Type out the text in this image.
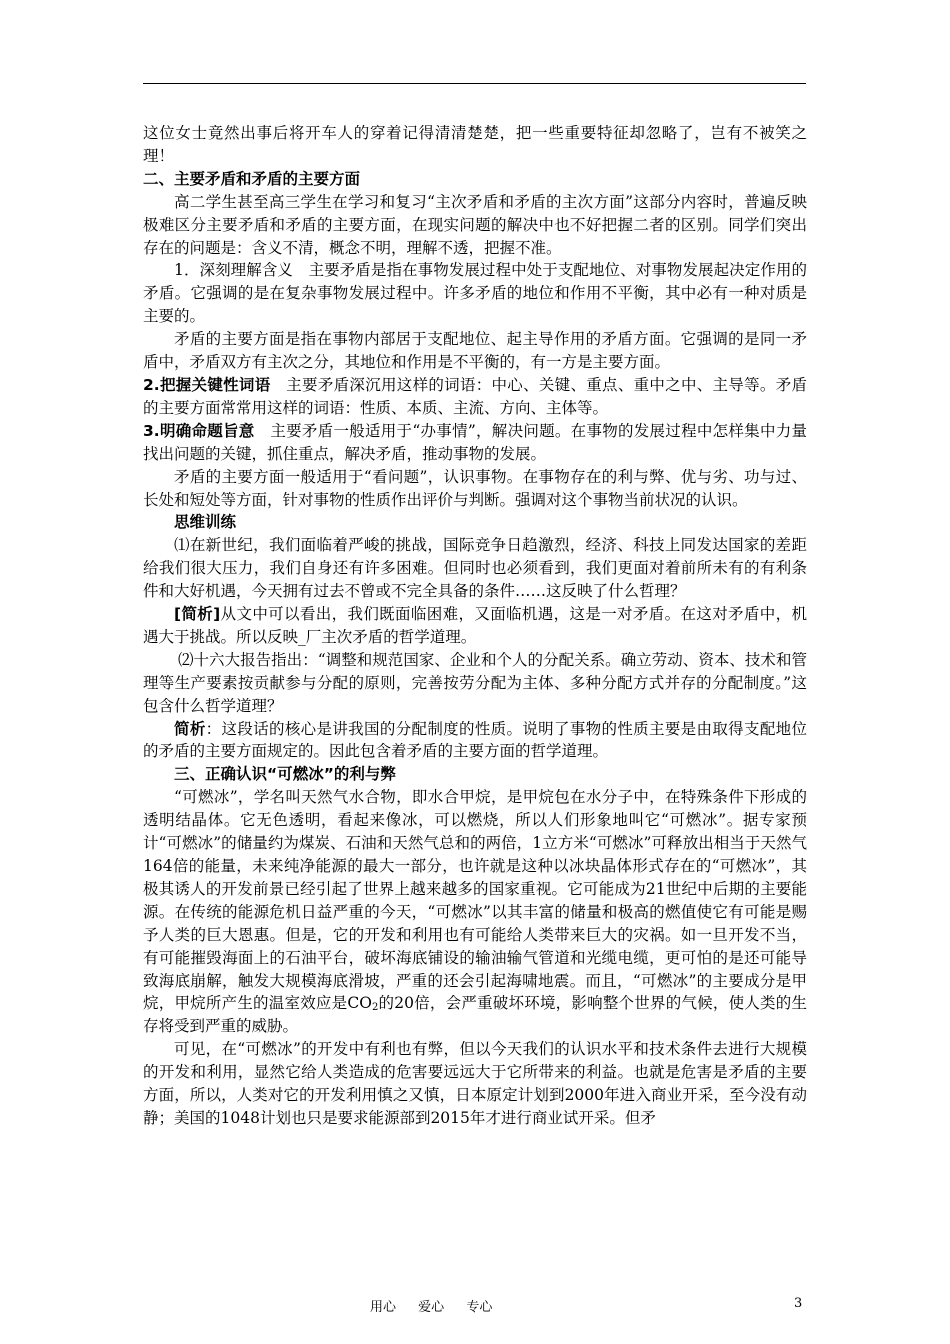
这位女士竟然出事后将开车人的穿着记得清清楚楚，把一些重要特征却忽略了，岂有不被笑之理！

二、主要矛盾和矛盾的主要方面

高二学生甚至高三学生在学习和复习“主次矛盾和矛盾的主次方面”这部分内容时，普遍反映极难区分主要矛盾和矛盾的主要方面，在现实问题的解决中也不好把握二者的区别。同学们突出存在的问题是：含义不清，概念不明，理解不透，把握不准。

1．深刻理解含义　主要矛盾是指在事物发展过程中处于支配地位、对事物发展起决定作用的矛盾。它强调的是在复杂事物发展过程中。许多矛盾的地位和作用不平衡，其中必有一种对质是主要的。

矛盾的主要方面是指在事物内部居于支配地位、起主导作用的矛盾方面。它强调的是同一矛盾中，矛盾双方有主次之分，其地位和作用是不平衡的，有一方是主要方面。

2.把握关键性词语　主要矛盾深沉用这样的词语：中心、关键、重点、重中之中、主导等。矛盾的主要方面常常用这样的词语：性质、本质、主流、方向、主体等。

3.明确命题旨意　主要矛盾一般适用于“办事情”，解决问题。在事物的发展过程中怎样集中力量找出问题的关键，抓住重点，解决矛盾，推动事物的发展。

矛盾的主要方面一般适用于“看问题”，认识事物。在事物存在的利与弊、优与劣、功与过、长处和短处等方面，针对事物的性质作出评价与判断。强调对这个事物当前状况的认识。

思维训练

⑴在新世纪，我们面临着严峻的挑战，国际竞争日趋激烈，经济、科技上同发达国家的差距给我们很大压力，我们自身还有许多困难。但同时也必须看到，我们更面对着前所未有的有利条件和大好机遇，今天拥有过去不曾或不完全具备的条件……这反映了什么哲理？

[简析]从文中可以看出，我们既面临困难，又面临机遇，这是一对矛盾。在这对矛盾中，机遇大于挑战。所以反映_厂主次矛盾的哲学道理。

⑵十六大报告指出：“调整和规范国家、企业和个人的分配关系。确立劳动、资本、技术和管理等生产要素按贡献参与分配的原则，完善按劳分配为主体、多种分配方式并存的分配制度。”这包含什么哲学道理？

简析：这段话的核心是讲我国的分配制度的性质。说明了事物的性质主要是由取得支配地位的矛盾的主要方面规定的。因此包含着矛盾的主要方面的哲学道理。

三、正确认识“可燃冰”的利与弊

“可燃冰”，学名叫天然气水合物，即水合甲烷，是甲烷包在水分子中，在特殊条件下形成的透明结晶体。它无色透明，看起来像冰，可以燃烧，所以人们形象地叫它“可燃冰”。据专家预计“可燃冰”的储量约为煤炭、石油和天然气总和的两倍，1立方米“可燃冰”可释放出相当于天然气164倍的能量，未来纯净能源的最大一部分，也许就是这种以冰块晶体形式存在的“可燃冰”，其极其诱人的开发前景已经引起了世界上越来越多的国家重视。它可能成为21世纪中后期的主要能源。在传统的能源危机日益严重的今天，“可燃冰”以其丰富的储量和极高的燃值使它有可能是赐予人类的巨大恩惠。但是，它的开发和利用也有可能给人类带来巨大的灾祸。如一旦开发不当，有可能摧毁海面上的石油平台，破坏海底铺设的输油输气管道和光缆电缆，更可怕的是还可能导致海底崩解，触发大规模海底滑坡，严重的还会引起海啸地震。而且，“可燃冰”的主要成分是甲烷，甲烷所产生的温室效应是$CO_2$的20倍，会严重破坏环境，影响整个世界的气候，使人类的生存将受到严重的威胁。

可见，在“可燃冰”的开发中有利也有弊，但以今天我们的认识水平和技术条件去进行大规模的开发和利用，显然它给人类造成的危害要远远大于它所带来的利益。也就是危害是矛盾的主要方面，所以，人类对它的开发利用慎之又慎，日本原定计划到2000年进入商业开采，至今没有动静；美国的1048计划也只是要求能源部到2015年才进行商业试开采。但矛

用心 爱心 专心	3
